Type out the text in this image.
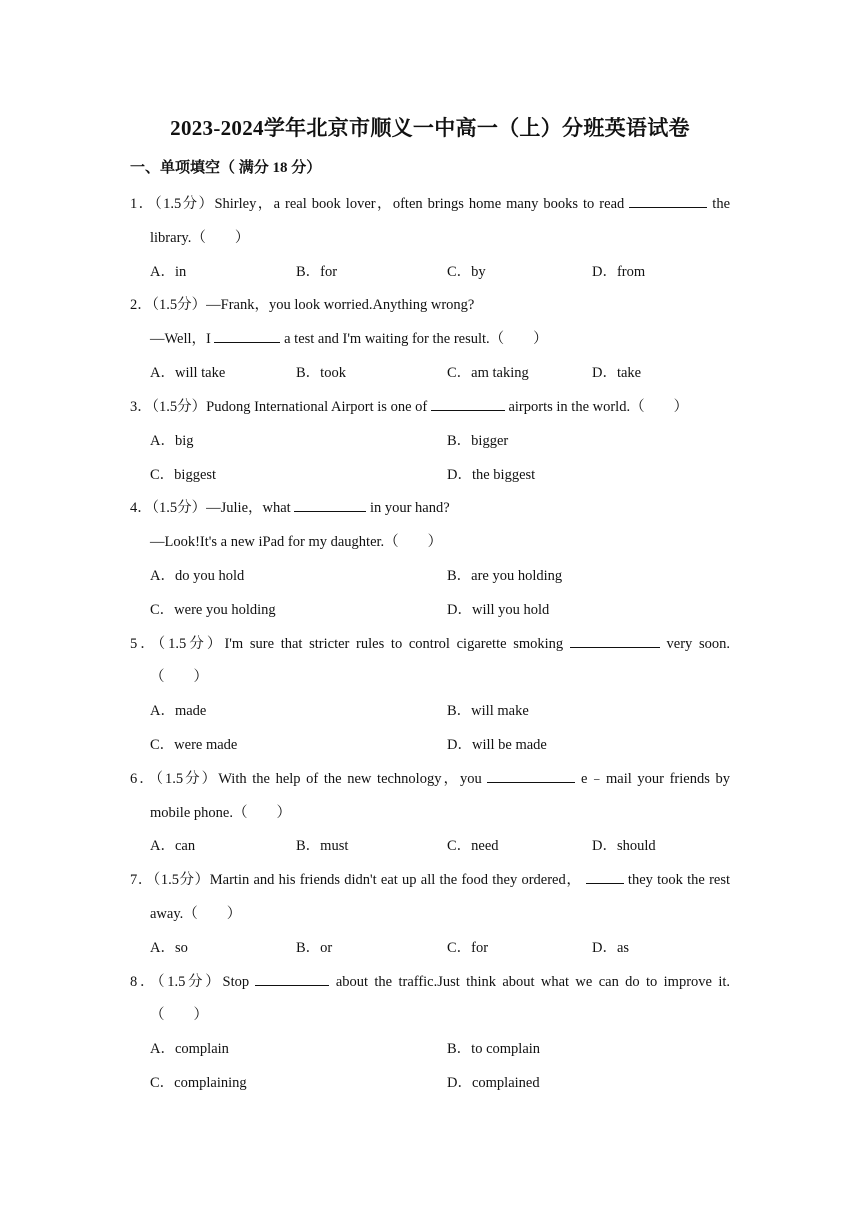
2023-2024学年北京市顺义一中高一（上）分班英语试卷
一、单项填空（ 满分 18 分）
1．（1.5分）Shirley，a real book lover，often brings home many books to read	the
library.（　　）
A．in	B．for	C．by	D．from
2．（1.5分）—Frank，you look worried.Anything wrong?
—Well，I	a test and I'm waiting for the result.（　　）
A．will take	B．took	C．am taking	D．take
3．（1.5分）Pudong International Airport is one of	airports in the world.（　　）
A．big	B．bigger
C．biggest	D．the biggest
4．（1.5分）—Julie，what	in your hand?
—Look!It's a new iPad for my daughter.（　　）
A．do you hold	B．are you holding
C．were you holding	D．will you hold
5．（1.5分）I'm sure that stricter rules to control cigarette smoking	very soon.
（　　）
A．made	B．will make
C．were made	D．will be made
6．（1.5分）With the help of the new technology，you	e﹣mail your friends by
mobile phone.（　　）
A．can	B．must	C．need	D．should
7．（1.5分）Martin and his friends didn't eat up all the food they ordered，	they took the rest
away.（　　）
A．so	B．or	C．for	D．as
8．（1.5分）Stop	about the traffic.Just think about what we can do to improve it.
（　　）
A．complain	B．to complain
C．complaining	D．complained
